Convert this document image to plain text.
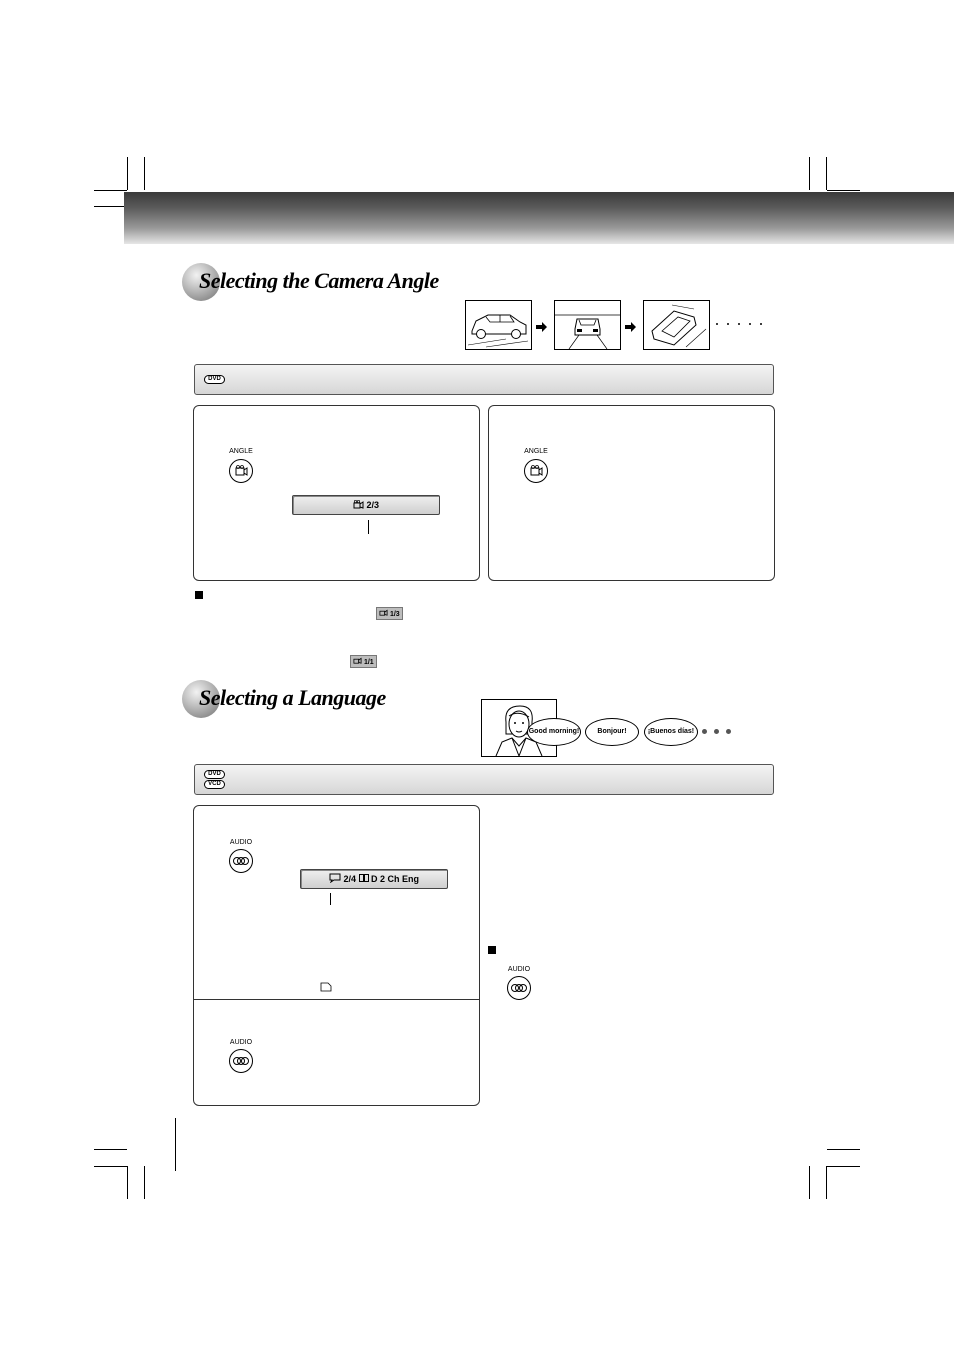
Selecting the Camera Angle
DVD
ANGLE
2/3
ANGLE
1/3
1/1
Selecting a Language
Good morning!	Bonjour!	¡Buenos días!
DVD
VCD
AUDIO
2/4 D 2 Ch Eng
AUDIO
AUDIO
